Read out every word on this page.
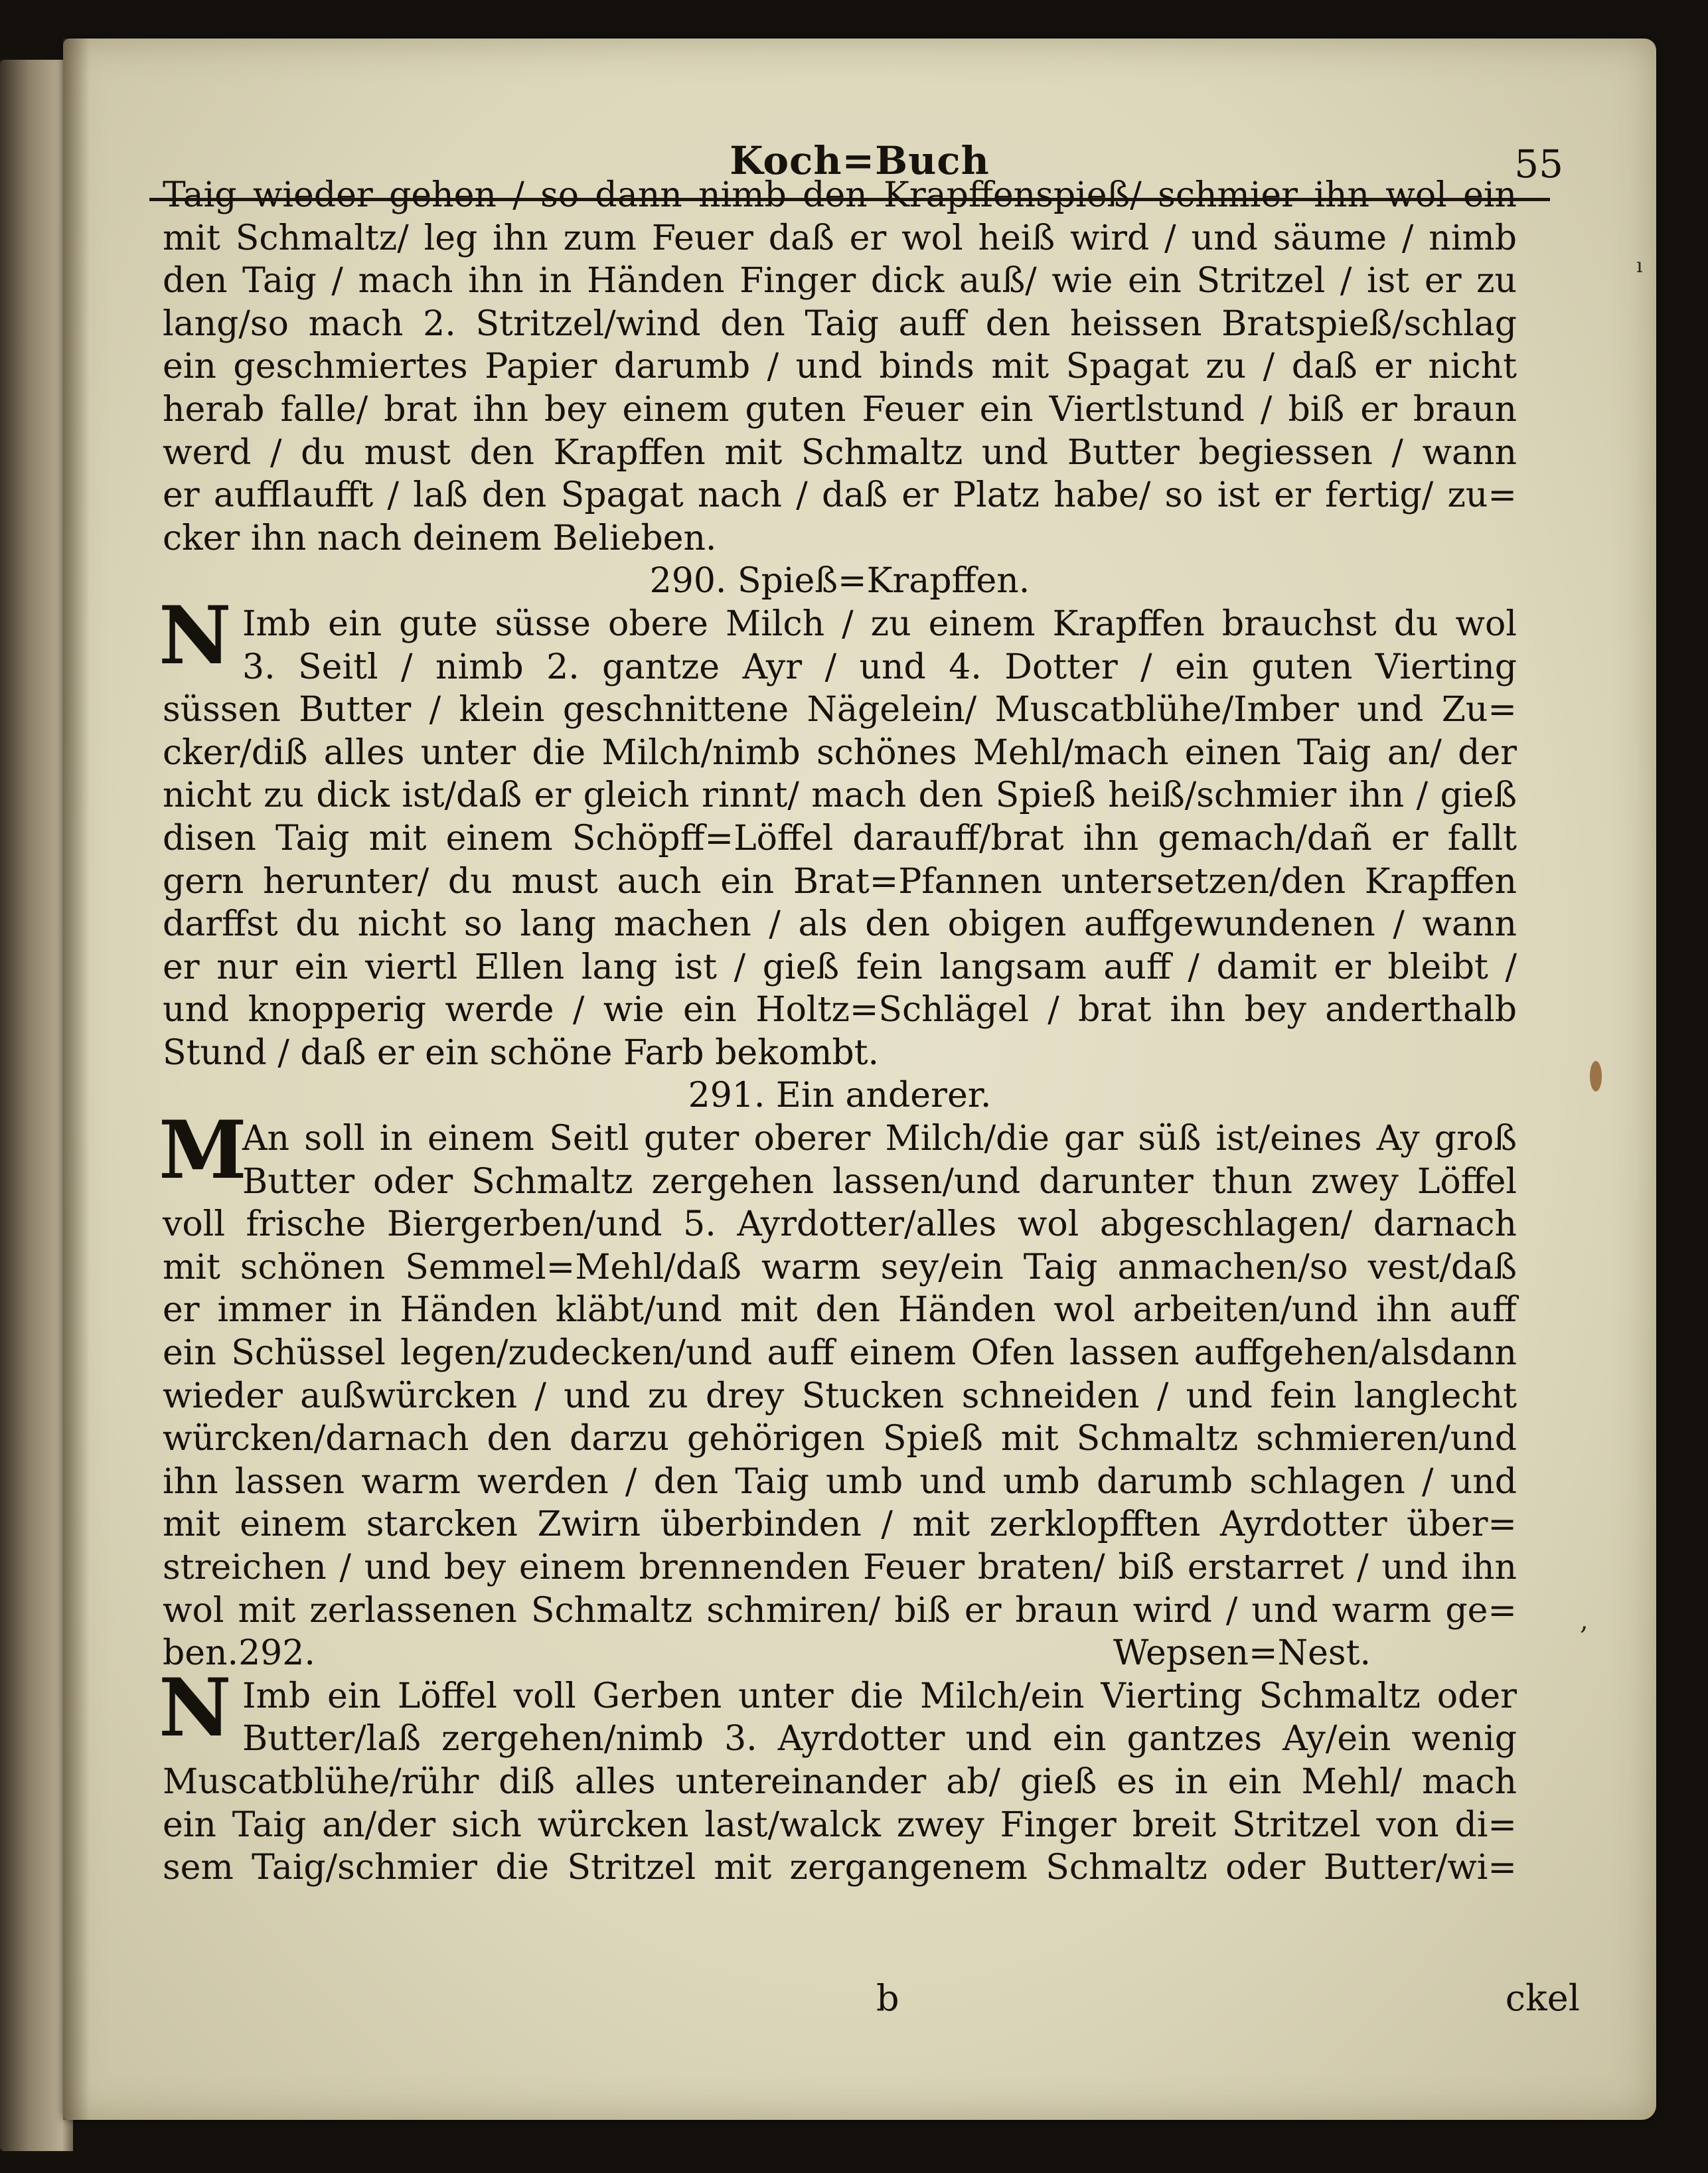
ı
,
Koch=Buch	55
b	ckel
Taig wieder gehen / so dann nimb den Krapffenspieß/ schmier ihn wol ein
mit Schmaltz/ leg ihn zum Feuer daß er wol heiß wird / und säume / nimb
den Taig / mach ihn in Händen Finger dick auß/ wie ein Stritzel / ist er zu
lang/so mach 2. Stritzel/wind den Taig auff den heissen Bratspieß/schlag
ein geschmiertes Papier darumb / und binds mit Spagat zu / daß er nicht
herab falle/ brat ihn bey einem guten Feuer ein Viertlstund / biß er braun
werd / du must den Krapffen mit Schmaltz und Butter begiessen / wann
er aufflaufft / laß den Spagat nach / daß er Platz habe/ so ist er fertig/ zu=
cker ihn nach deinem Belieben.
290. Spieß=Krapffen.
N Imb ein gute süsse obere Milch / zu einem Krapffen brauchst du wol
3. Seitl / nimb 2. gantze Ayr / und 4. Dotter / ein guten Vierting
süssen Butter / klein geschnittene Nägelein/ Muscatblühe/Imber und Zu=
cker/diß alles unter die Milch/nimb schönes Mehl/mach einen Taig an/ der
nicht zu dick ist/daß er gleich rinnt/ mach den Spieß heiß/schmier ihn / gieß
disen Taig mit einem Schöpff=Löffel darauff/brat ihn gemach/dañ er fallt
gern herunter/ du must auch ein Brat=Pfannen untersetzen/den Krapffen
darffst du nicht so lang machen / als den obigen auffgewundenen / wann
er nur ein viertl Ellen lang ist / gieß fein langsam auff / damit er bleibt /
und knopperig werde / wie ein Holtz=Schlägel / brat ihn bey anderthalb
Stund / daß er ein schöne Farb bekombt.
291. Ein anderer.
M
An soll in einem Seitl guter oberer Milch/die gar süß ist/eines Ay groß
Butter oder Schmaltz zergehen lassen/und darunter thun zwey Löffel
voll frische Biergerben/und 5. Ayrdotter/alles wol abgeschlagen/ darnach
mit schönen Semmel=Mehl/daß warm sey/ein Taig anmachen/so vest/daß
er immer in Händen kläbt/und mit den Händen wol arbeiten/und ihn auff
ein Schüssel legen/zudecken/und auff einem Ofen lassen auffgehen/alsdann
wieder außwürcken / und zu drey Stucken schneiden / und fein langlecht
würcken/darnach den darzu gehörigen Spieß mit Schmaltz schmieren/und
ihn lassen warm werden / den Taig umb und umb darumb schlagen / und
mit einem starcken Zwirn überbinden / mit zerklopfften Ayrdotter über=
streichen / und bey einem brennenden Feuer braten/ biß erstarret / und ihn
wol mit zerlassenen Schmaltz schmiren/ biß er braun wird / und warm ge=
ben. 292. Wepsen=Nest.
N Imb ein Löffel voll Gerben unter die Milch/ein Vierting Schmaltz oder
Butter/laß zergehen/nimb 3. Ayrdotter und ein gantzes Ay/ein wenig
Muscatblühe/rühr diß alles untereinander ab/ gieß es in ein Mehl/ mach
ein Taig an/der sich würcken last/walck zwey Finger breit Stritzel von di=
sem Taig/schmier die Stritzel mit zergangenem Schmaltz oder Butter/wi=
